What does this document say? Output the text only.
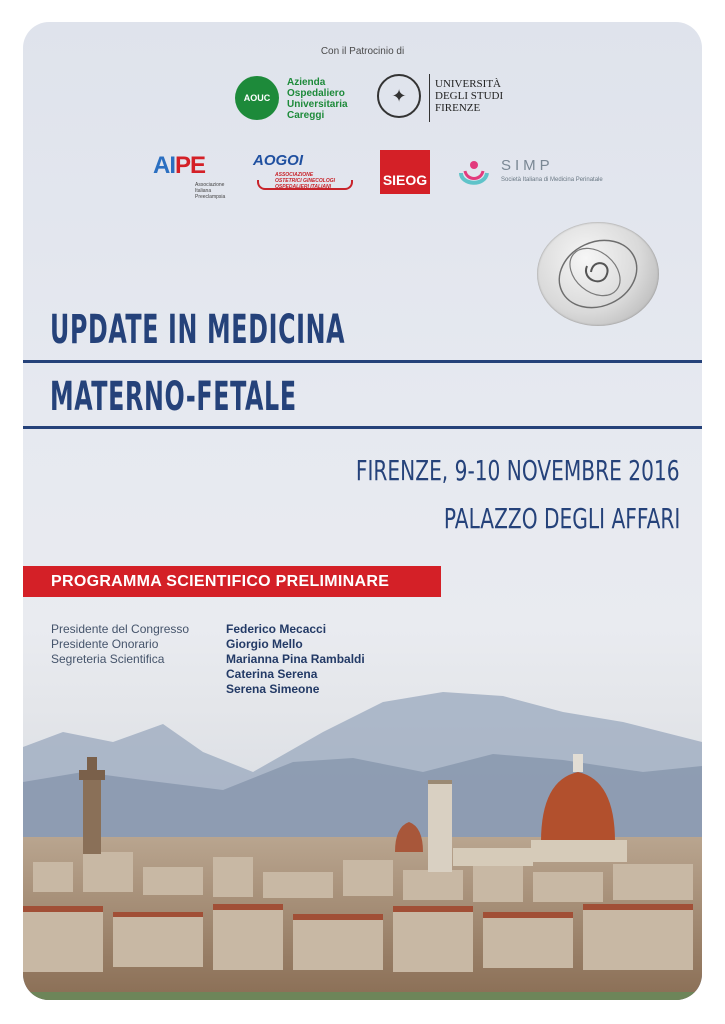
Con il Patrocinio di
AOUC
Azienda
Ospedaliero
Universitaria
Careggi
✦
UNIVERSITÀ
DEGLI STUDI
FIRENZE
AIPE
Associazione
Italiana
Preeclampsia
AOGOI
ASSOCIAZIONE
OSTETRICI GINECOLOGI
OSPEDALIERI ITALIANI	SIEOG
SIMP
Società Italiana di Medicina Perinatale
UPDATE IN MEDICINA
MATERNO-FETALE
FIRENZE, 9-10 NOVEMBRE 2016
PALAZZO DEGLI AFFARI
PROGRAMMA SCIENTIFICO PRELIMINARE
Presidente del Congresso
Presidente Onorario
Segreteria Scientifica
Federico Mecacci
Giorgio Mello
Marianna Pina Rambaldi
Caterina Serena
Serena Simeone
